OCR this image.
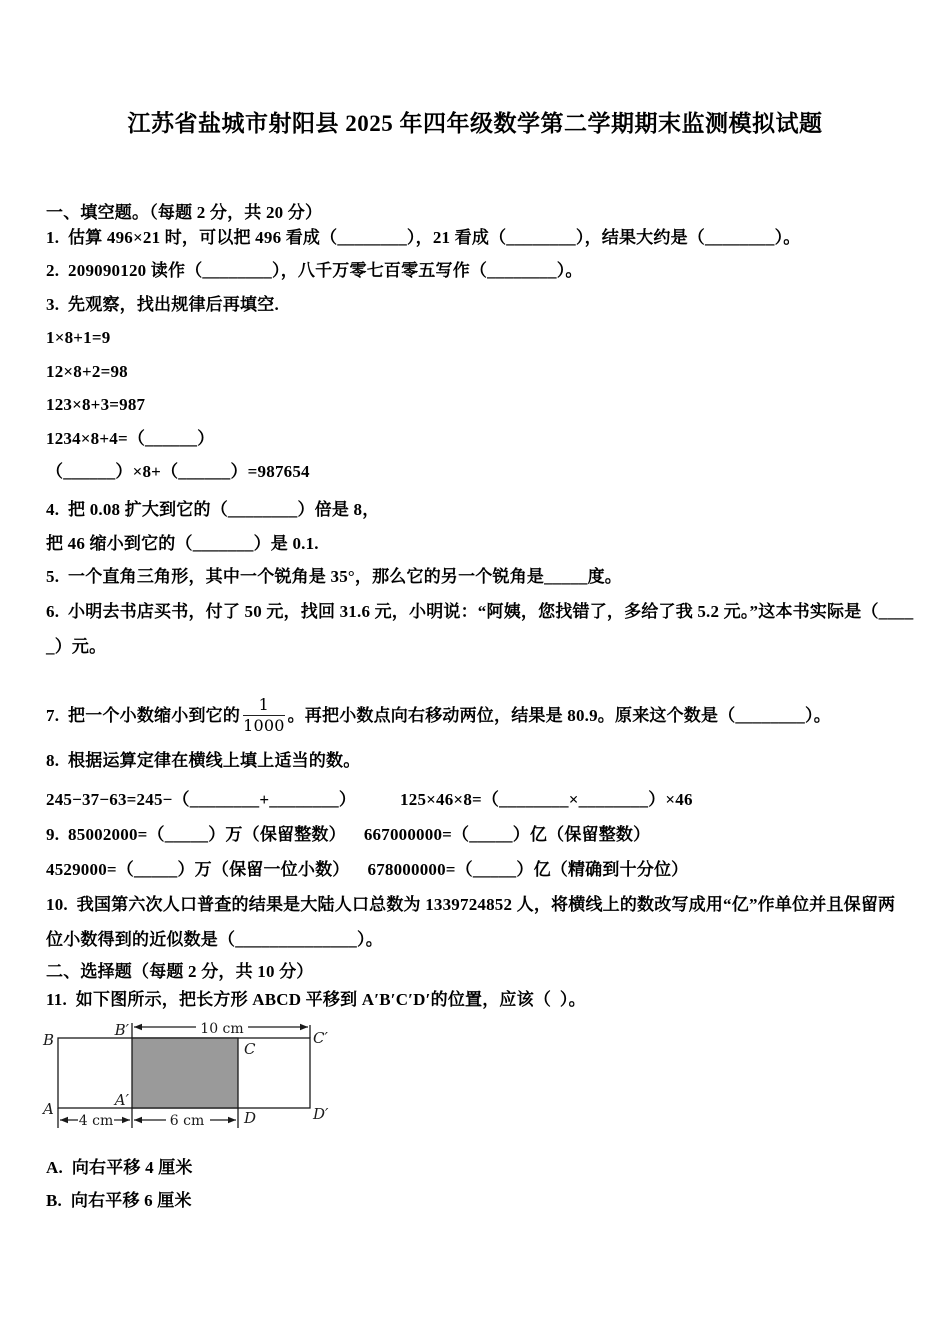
江苏省盐城市射阳县 2025 年四年级数学第二学期期末监测模拟试题
一、填空题。（每题 2 分，共 20 分）
1.  估算 496×21 时，可以把 496 看成（________），21 看成（________），结果大约是（________）。
2.  209090120 读作（________），八千万零七百零五写作（________）。
3.  先观察，找出规律后再填空.
1×8+1=9
12×8+2=98
123×8+3=987
1234×8+4=（______）
（______）×8+（______）=987654
4.  把 0.08 扩大到它的（________）倍是 8，
把 46 缩小到它的（_______）是 0.1.
5.  一个直角三角形，其中一个锐角是 35°，那么它的另一个锐角是_____度。
6.  小明去书店买书，付了 50 元，找回 31.6 元，小明说：“阿姨，您找错了，多给了我 5.2 元。”这本书实际是（____
_）元。
7.  把一个小数缩小到它的 $\frac{1}{1000}$ 。再把小数点向右移动两位，结果是 80.9。原来这个数是（________）。
8.  根据运算定律在横线上填上适当的数。
245−37−63=245−（________+________）	125×46×8=（________×________）×46
9.  85002000=（_____）万（保留整数） 667000000=（_____）亿（保留整数）
4529000=（_____）万（保留一位小数） 678000000=（_____）亿（精确到十分位）
10.  我国第六次人口普查的结果是大陆人口总数为 1339724852 人，将横线上的数改写成用“亿”作单位并且保留两
位小数得到的近似数是（______________）。
二、选择题（每题 2 分，共 10 分）
11.  如下图所示，把长方形 ABCD 平移到 A′B′C′D′的位置，应该（  ）。
10 cm
4 cm	6 cm
B
B′	C′
C
A	A′
D	D′
A.  向右平移 4 厘米
B.  向右平移 6 厘米
